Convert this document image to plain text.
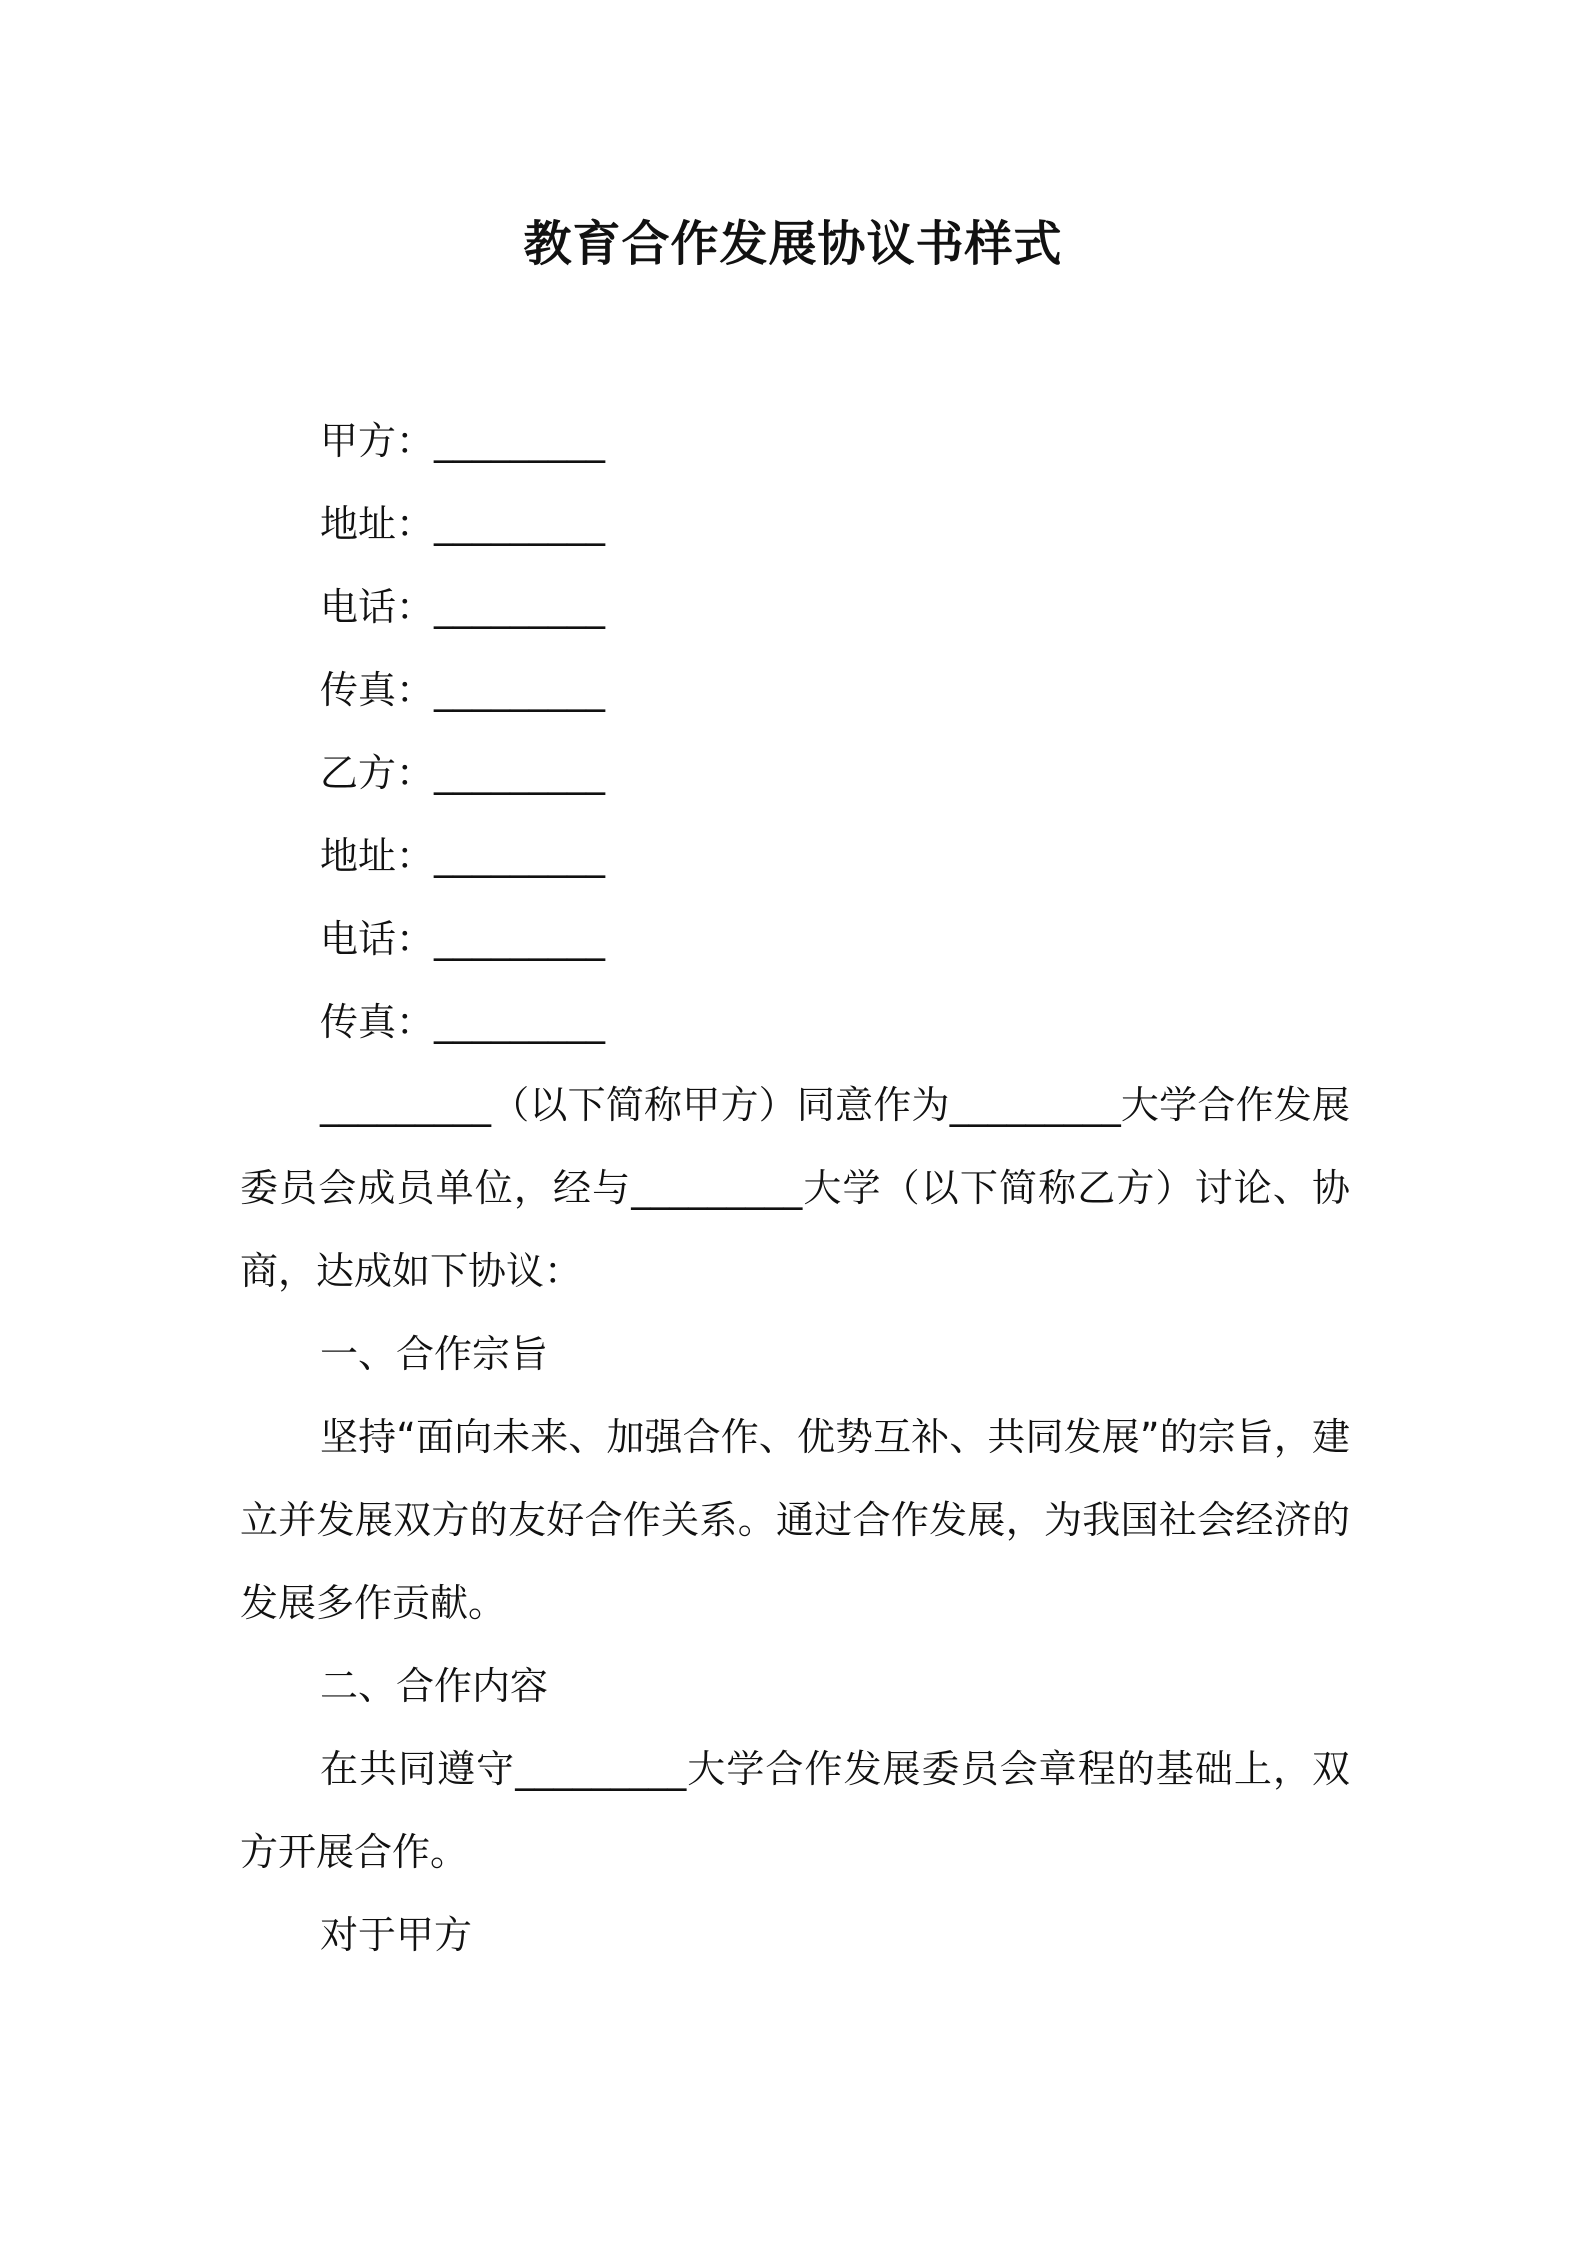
教育合作发展协议书样式

甲方：_________

地址：_________

电话：_________

传真：_________

乙方：_________

地址：_________

电话：_________

传真：_________

_________（以下简称甲方）同意作为_________大学合作发展委员会成员单位，经与_________大学（以下简称乙方）讨论、协商，达成如下协议：

一、合作宗旨

坚持“面向未来、加强合作、优势互补、共同发展”的宗旨，建立并发展双方的友好合作关系。通过合作发展，为我国社会经济的发展多作贡献。

二、合作内容

在共同遵守_________大学合作发展委员会章程的基础上，双方开展合作。

对于甲方
